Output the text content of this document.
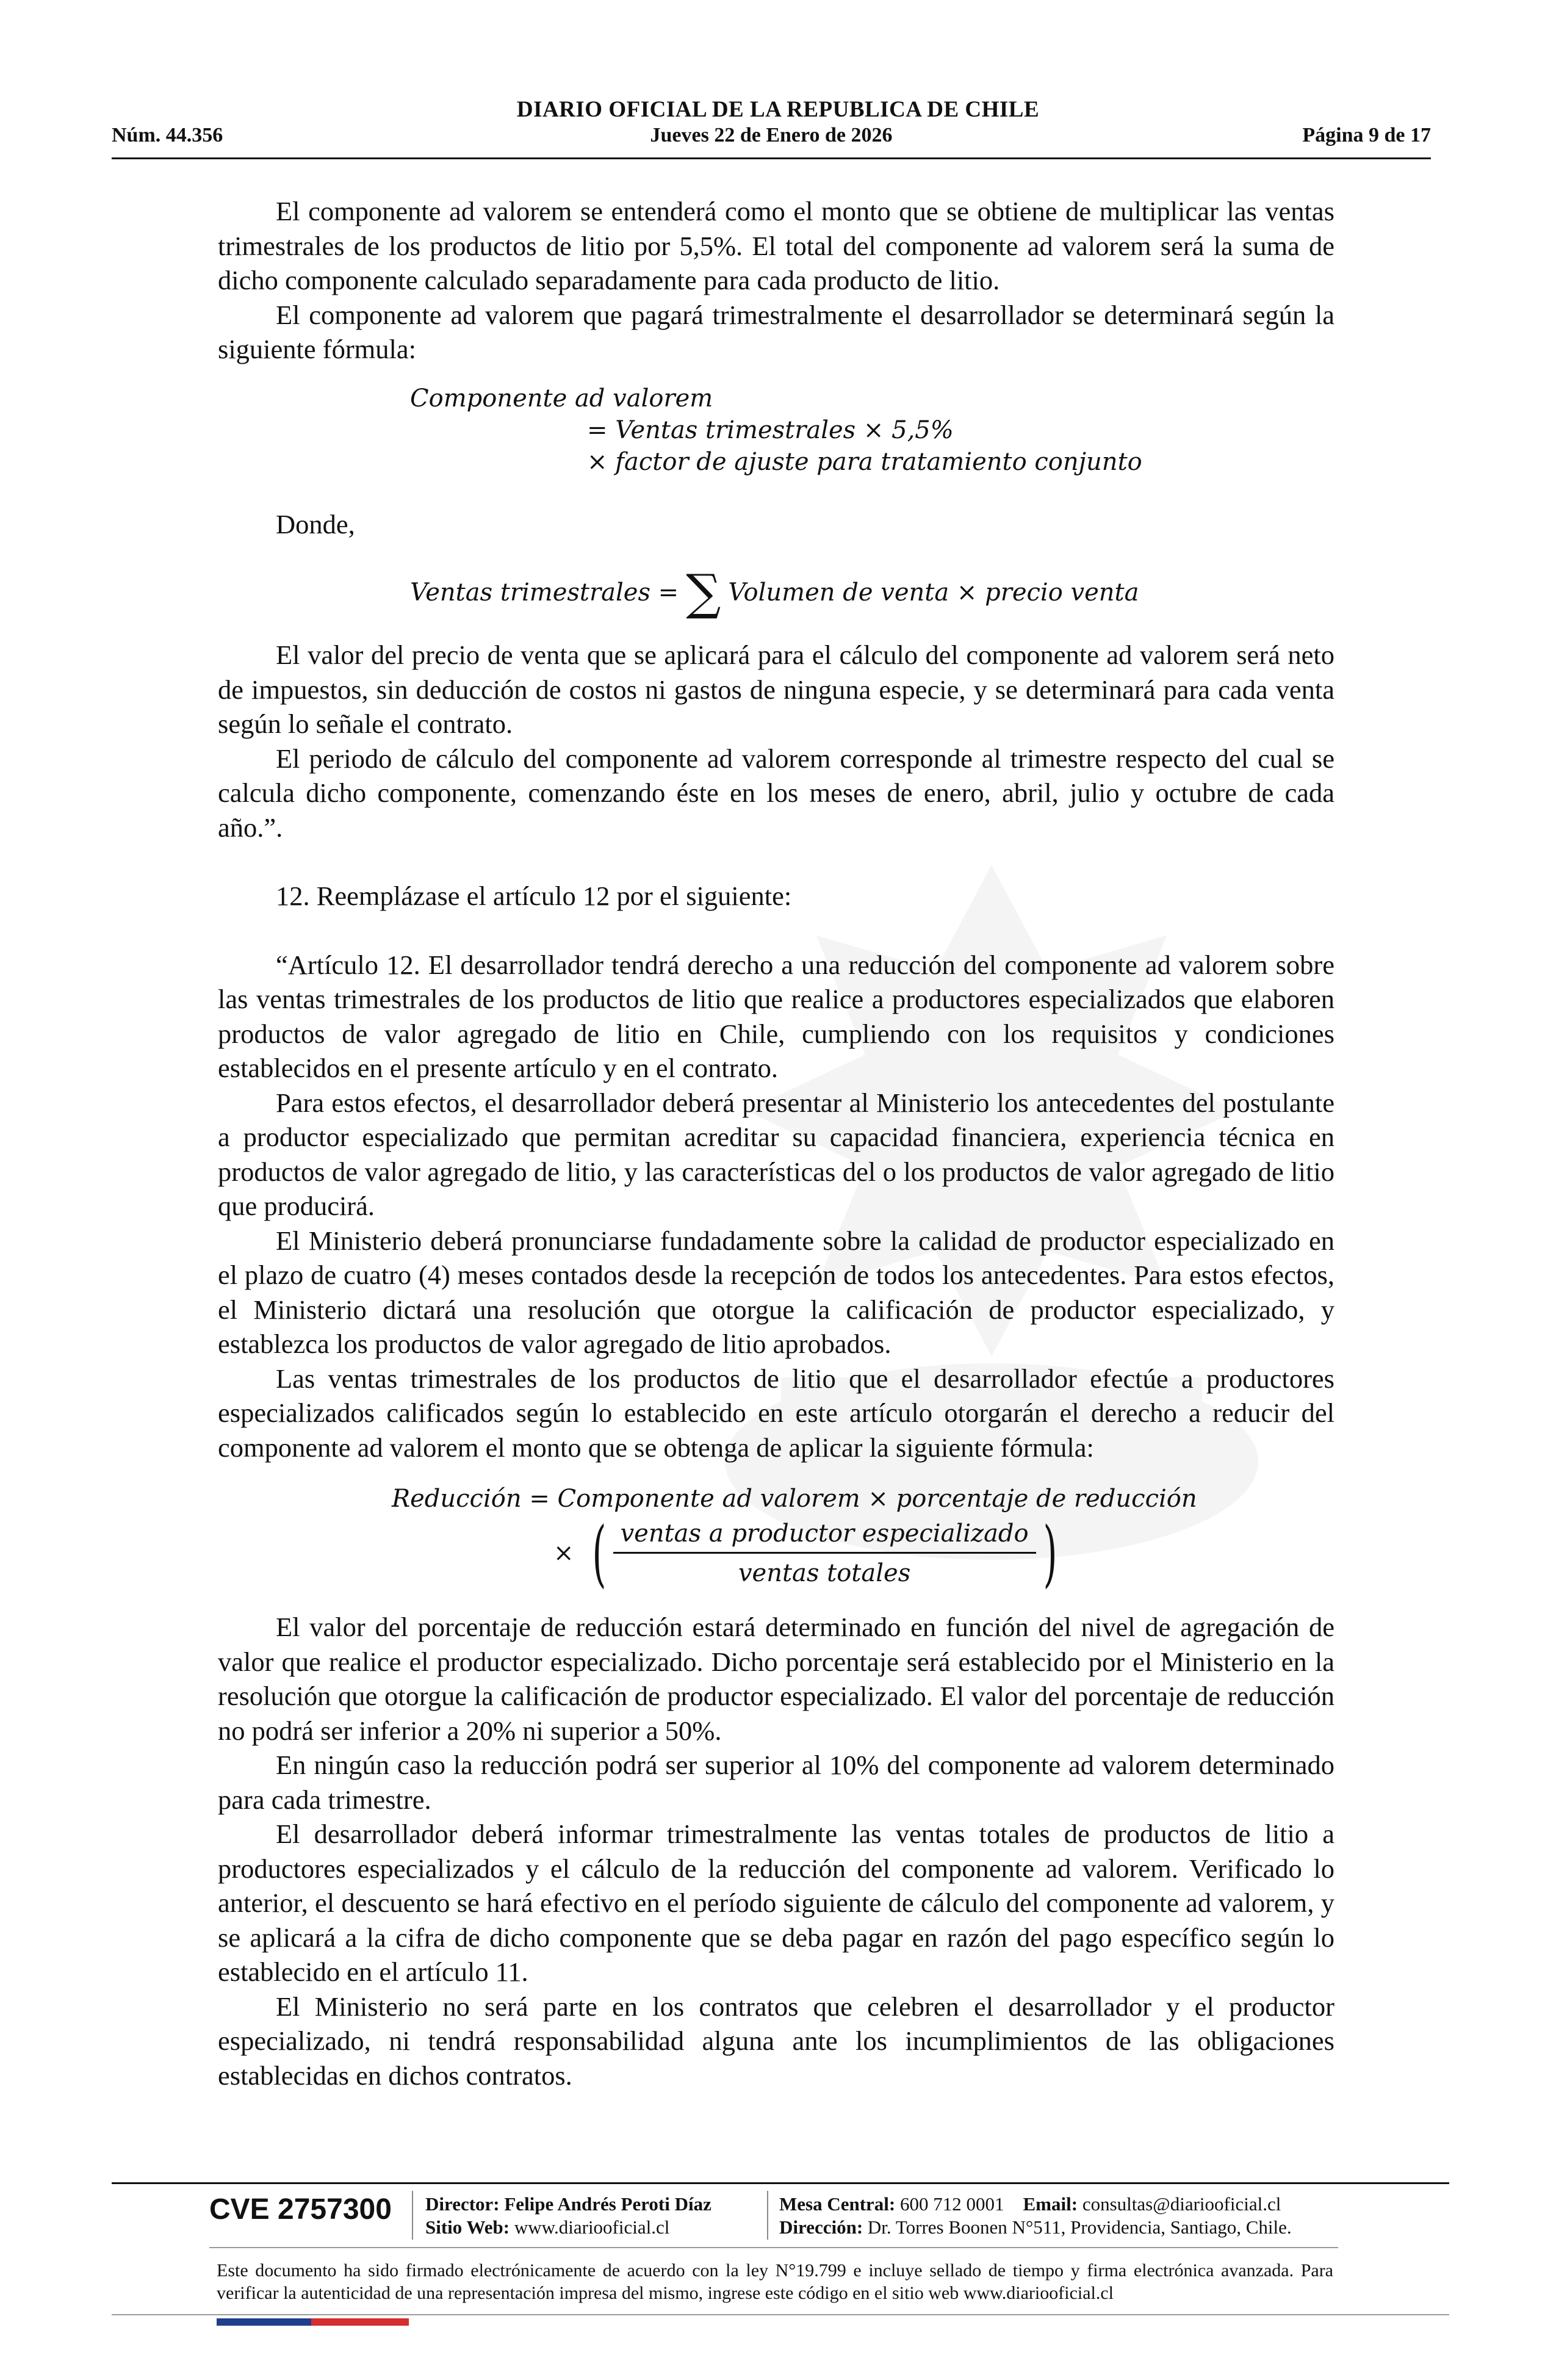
DIARIO OFICIAL DE LA REPUBLICA DE CHILE
Jueves 22 de Enero de 2026
Núm. 44.356	Página 9 de 17

El componente ad valorem se entenderá como el monto que se obtiene de multiplicar las ventas trimestrales de los productos de litio por 5,5%. El total del componente ad valorem será la suma de dicho componente calculado separadamente para cada producto de litio.

El componente ad valorem que pagará trimestralmente el desarrollador se determinará según la siguiente fórmula:

Componente ad valorem
= Ventas trimestrales × 5,5%
× factor de ajuste para tratamiento conjunto
Donde,
Ventas trimestrales = ∑ Volumen de venta × precio venta

El valor del precio de venta que se aplicará para el cálculo del componente ad valorem será neto de impuestos, sin deducción de costos ni gastos de ninguna especie, y se determinará para cada venta según lo señale el contrato.

El periodo de cálculo del componente ad valorem corresponde al trimestre respecto del cual se calcula dicho componente, comenzando éste en los meses de enero, abril, julio y octubre de cada año.”.

12. Reemplázase el artículo 12 por el siguiente:

“Artículo 12. El desarrollador tendrá derecho a una reducción del componente ad valorem sobre las ventas trimestrales de los productos de litio que realice a productores especializados que elaboren productos de valor agregado de litio en Chile, cumpliendo con los requisitos y condiciones establecidos en el presente artículo y en el contrato.

Para estos efectos, el desarrollador deberá presentar al Ministerio los antecedentes del postulante a productor especializado que permitan acreditar su capacidad financiera, experiencia técnica en productos de valor agregado de litio, y las características del o los productos de valor agregado de litio que producirá.

El Ministerio deberá pronunciarse fundadamente sobre la calidad de productor especializado en el plazo de cuatro (4) meses contados desde la recepción de todos los antecedentes. Para estos efectos, el Ministerio dictará una resolución que otorgue la calificación de productor especializado, y establezca los productos de valor agregado de litio aprobados.

Las ventas trimestrales de los productos de litio que el desarrollador efectúe a productores especializados calificados según lo establecido en este artículo otorgarán el derecho a reducir del componente ad valorem el monto que se obtenga de aplicar la siguiente fórmula:

Reducción = Componente ad valorem × porcentaje de reducción
× ( $\frac{\text{ventas a productor especializado}}{\text{ventas totales}}$ )

El valor del porcentaje de reducción estará determinado en función del nivel de agregación de valor que realice el productor especializado. Dicho porcentaje será establecido por el Ministerio en la resolución que otorgue la calificación de productor especializado. El valor del porcentaje de reducción no podrá ser inferior a 20% ni superior a 50%.

En ningún caso la reducción podrá ser superior al 10% del componente ad valorem determinado para cada trimestre.

El desarrollador deberá informar trimestralmente las ventas totales de productos de litio a productores especializados y el cálculo de la reducción del componente ad valorem. Verificado lo anterior, el descuento se hará efectivo en el período siguiente de cálculo del componente ad valorem, y se aplicará a la cifra de dicho componente que se deba pagar en razón del pago específico según lo establecido en el artículo 11.

El Ministerio no será parte en los contratos que celebren el desarrollador y el productor especializado, ni tendrá responsabilidad alguna ante los incumplimientos de las obligaciones establecidas en dichos contratos.

CVE 2757300 Director: Felipe Andrés Peroti Díaz
Sitio Web: www.diariooficial.cl
Mesa Central: 600 712 0001 Email: consultas@diariooficial.cl
Dirección: Dr. Torres Boonen N°511, Providencia, Santiago, Chile.
Este documento ha sido firmado electrónicamente de acuerdo con la ley N°19.799 e incluye sellado de tiempo y firma electrónica avanzada. Para verificar la autenticidad de una representación impresa del mismo, ingrese este código en el sitio web www.diariooficial.cl
